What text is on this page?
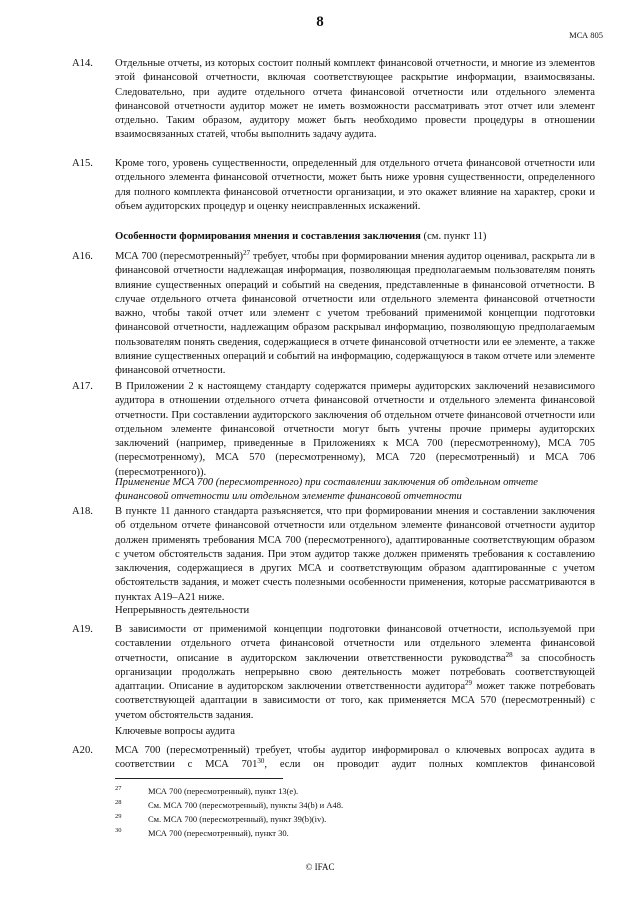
8
МСА 805
A14. Отдельные отчеты, из которых состоит полный комплект финансовой отчетности, и многие из элементов этой финансовой отчетности, включая соответствующее раскрытие информации, взаимосвязаны. Следовательно, при аудите отдельного отчета финансовой отчетности или отдельного элемента финансовой отчетности аудитор может не иметь возможности рассматривать этот отчет или элемент отдельно. Таким образом, аудитору может быть необходимо провести процедуры в отношении взаимосвязанных статей, чтобы выполнить задачу аудита.
A15. Кроме того, уровень существенности, определенный для отдельного отчета финансовой отчетности или отдельного элемента финансовой отчетности, может быть ниже уровня существенности, определенного для полного комплекта финансовой отчетности организации, и это окажет влияние на характер, сроки и объем аудиторских процедур и оценку неисправленных искажений.
Особенности формирования мнения и составления заключения (см. пункт 11)
A16. МСА 700 (пересмотренный)$^{27}$ требует, чтобы при формировании мнения аудитор оценивал, раскрыта ли в финансовой отчетности надлежащая информация, позволяющая предполагаемым пользователям понять влияние существенных операций и событий на сведения, представленные в финансовой отчетности. В случае отдельного отчета финансовой отчетности или отдельного элемента финансовой отчетности важно, чтобы такой отчет или элемент с учетом требований применимой концепции подготовки финансовой отчетности, надлежащим образом раскрывал информацию, позволяющую предполагаемым пользователям понять сведения, содержащиеся в отчете финансовой отчетности или ее элементе, а также влияние существенных операций и событий на информацию, содержащуюся в таком отчете или элементе финансовой отчетности.
A17. В Приложении 2 к настоящему стандарту содержатся примеры аудиторских заключений независимого аудитора в отношении отдельного отчета финансовой отчетности и отдельного элемента финансовой отчетности. При составлении аудиторского заключения об отдельном отчете финансовой отчетности или отдельном элементе финансовой отчетности могут быть учтены прочие примеры аудиторских заключений (например, приведенные в Приложениях к МСА 700 (пересмотренному), МСА 705 (пересмотренному), МСА 570 (пересмотренному), МСА 720 (пересмотренный) и МСА 706 (пересмотренного)).
Применение МСА 700 (пересмотренного) при составлении заключения об отдельном отчете финансовой отчетности или отдельном элементе финансовой отчетности
A18. В пункте 11 данного стандарта разъясняется, что при формировании мнения и составлении заключения об отдельном отчете финансовой отчетности или отдельном элементе финансовой отчетности аудитор должен применять требования МСА 700 (пересмотренного), адаптированные соответствующим образом с учетом обстоятельств задания. При этом аудитор также должен применять требования к составлению заключения, содержащиеся в других МСА и соответствующим образом адаптированные с учетом обстоятельств задания, и может счесть полезными особенности применения, которые рассматриваются в пунктах A19–A21 ниже.
Непрерывность деятельности
A19. В зависимости от применимой концепции подготовки финансовой отчетности, используемой при составлении отдельного отчета финансовой отчетности или отдельного элемента финансовой отчетности, описание в аудиторском заключении ответственности руководства$^{28}$ за способность организации продолжать непрерывно свою деятельность может потребовать соответствующей адаптации. Описание в аудиторском заключении ответственности аудитора$^{29}$ может также потребовать соответствующей адаптации в зависимости от того, как применяется МСА 570 (пересмотренный) с учетом обстоятельств задания.
Ключевые вопросы аудита
A20. МСА 700 (пересмотренный) требует, чтобы аудитор информировал о ключевых вопросах аудита в соответствии с МСА $701^{30}$, если он проводит аудит полных комплектов финансовой
27	МСА 700 (пересмотренный), пункт 13(е).
28	См. МСА 700 (пересмотренный), пункты 34(b) и A48.
29	См. МСА 700 (пересмотренный), пункт 39(b)(iv).
30	МСА 700 (пересмотренный), пункт 30.
© IFAC
